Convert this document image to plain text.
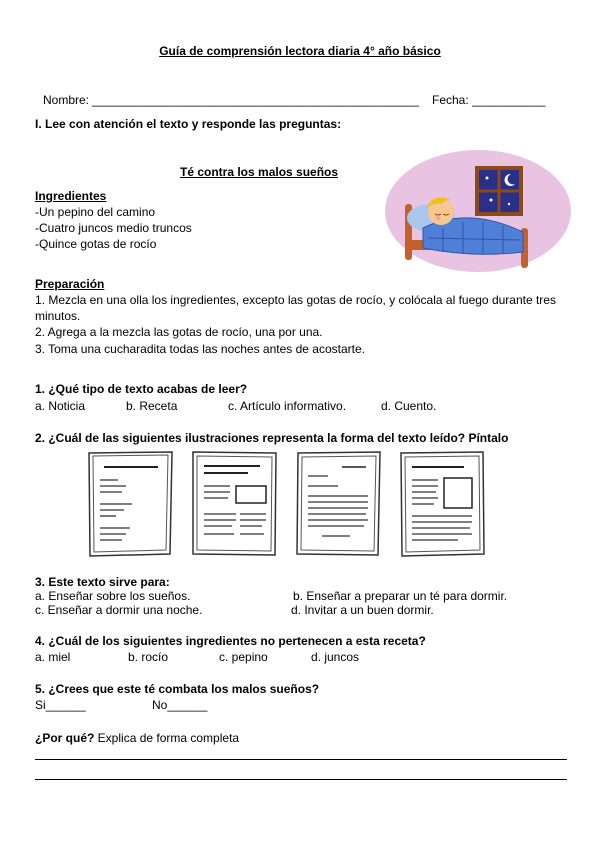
Guía de comprensión lectora diaria 4° año básico
Nombre: _________________________________________________ Fecha: ___________
I. Lee con atención el texto y responde las preguntas:
Té contra los malos sueños
Ingredientes
-Un pepino del camino
-Cuatro juncos medio truncos
-Quince gotas de rocío
Preparación
1. Mezcla en una olla los ingredientes, excepto las gotas de rocío, y colócala al fuego durante tres
minutos.
2. Agrega a la mezcla las gotas de rocío, una por una.
3. Toma una cucharadita todas las noches antes de acostarte.
1. ¿Qué tipo de texto acabas de leer?
a. Noticia	b. Receta	c. Artículo informativo.	d. Cuento.
2. ¿Cuál de las siguientes ilustraciones representa la forma del texto leído? Píntalo
3. Este texto sirve para:
a. Enseñar sobre los sueños.	b. Enseñar a preparar un té para dormir.
c. Enseñar a dormir una noche.	d. Invitar a un buen dormir.
4. ¿Cuál de los siguientes ingredientes no pertenecen a esta receta?
a. miel	b. rocío	c. pepino	d. juncos
5. ¿Crees que este té combata los malos sueños?
Si______	No______
¿Por qué? Explica de forma completa
